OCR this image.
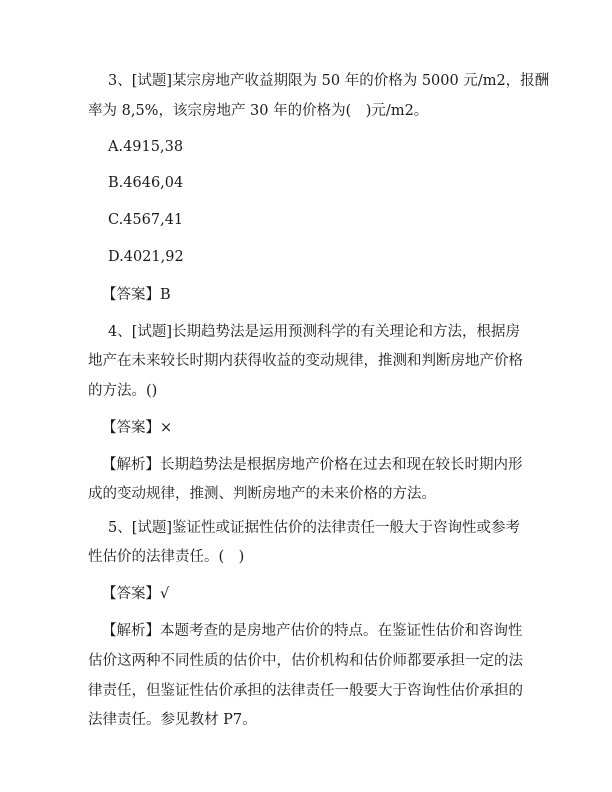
3、[试题]某宗房地产收益期限为 50 年的价格为 5000 元/m2，报酬
率为 8,5%，该宗房地产 30 年的价格为(　)元/m2。
A.4915,38
B.4646,04
C.4567,41
D.4021,92
【答案】B
4、[试题]长期趋势法是运用预测科学的有关理论和方法，根据房
地产在未来较长时期内获得收益的变动规律，推测和判断房地产价格
的方法。()
【答案】×
【解析】长期趋势法是根据房地产价格在过去和现在较长时期内形
成的变动规律，推测、判断房地产的未来价格的方法。
5、[试题]鉴证性或证据性估价的法律责任一般大于咨询性或参考
性估价的法律责任。(　)
【答案】√
【解析】本题考查的是房地产估价的特点。在鉴证性估价和咨询性
估价这两种不同性质的估价中，估价机构和估价师都要承担一定的法
律责任，但鉴证性估价承担的法律责任一般要大于咨询性估价承担的
法律责任。参见教材 P7。
